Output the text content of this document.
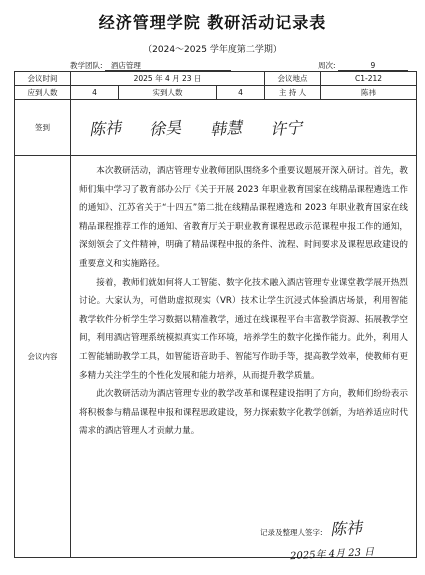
经济管理学院 教研活动记录表
（2024～2025 学年度第二学期）
教学团队: 酒店管理	周次:	9
会议时间	2025 年 4 月 23 日			会议地点	C1-212
应到人数	4	实到人数	4	主 持 人	陈祎
签到	陈祎 徐昊 韩慧 许宁				
会议内容	本次教研活动，酒店管理专业教师团队围绕多个重要议题展开深入研讨。首先，教师们集中学习了教育部办公厅《关于开展 2023 年职业教育国家在线精品课程遴选工作的通知》、江苏省关于“十四五”第二批在线精品课程遴选和 2023 年职业教育国家在线精品课程推荐工作的通知、省教育厅关于职业教育课程思政示范课程申报工作的通知，深刻领会了文件精神，明确了精品课程申报的条件、流程、时间要求及课程思政建设的重要意义和实施路径。

接着，教师们就如何将人工智能、数字化技术融入酒店管理专业课堂教学展开热烈讨论。大家认为，可借助虚拟现实（VR）技术让学生沉浸式体验酒店场景，利用智能教学软件分析学生学习数据以精准教学，通过在线课程平台丰富教学资源、拓展教学空间，利用酒店管理系统模拟真实工作环境，培养学生的数字化操作能力。此外，利用人工智能辅助教学工具，如智能语音助手、智能写作助手等，提高教学效率，使教师有更多精力关注学生的个性化发展和能力培养，从而提升教学质量。

此次教研活动为酒店管理专业的教学改革和课程建设指明了方向，教师们纷纷表示将积极参与精品课程申报和课程思政建设，努力探索数字化教学创新，为培养适应时代需求的酒店管理人才贡献力量。				

记录及整理人签字: 陈祎
2025年 4月 23 日
